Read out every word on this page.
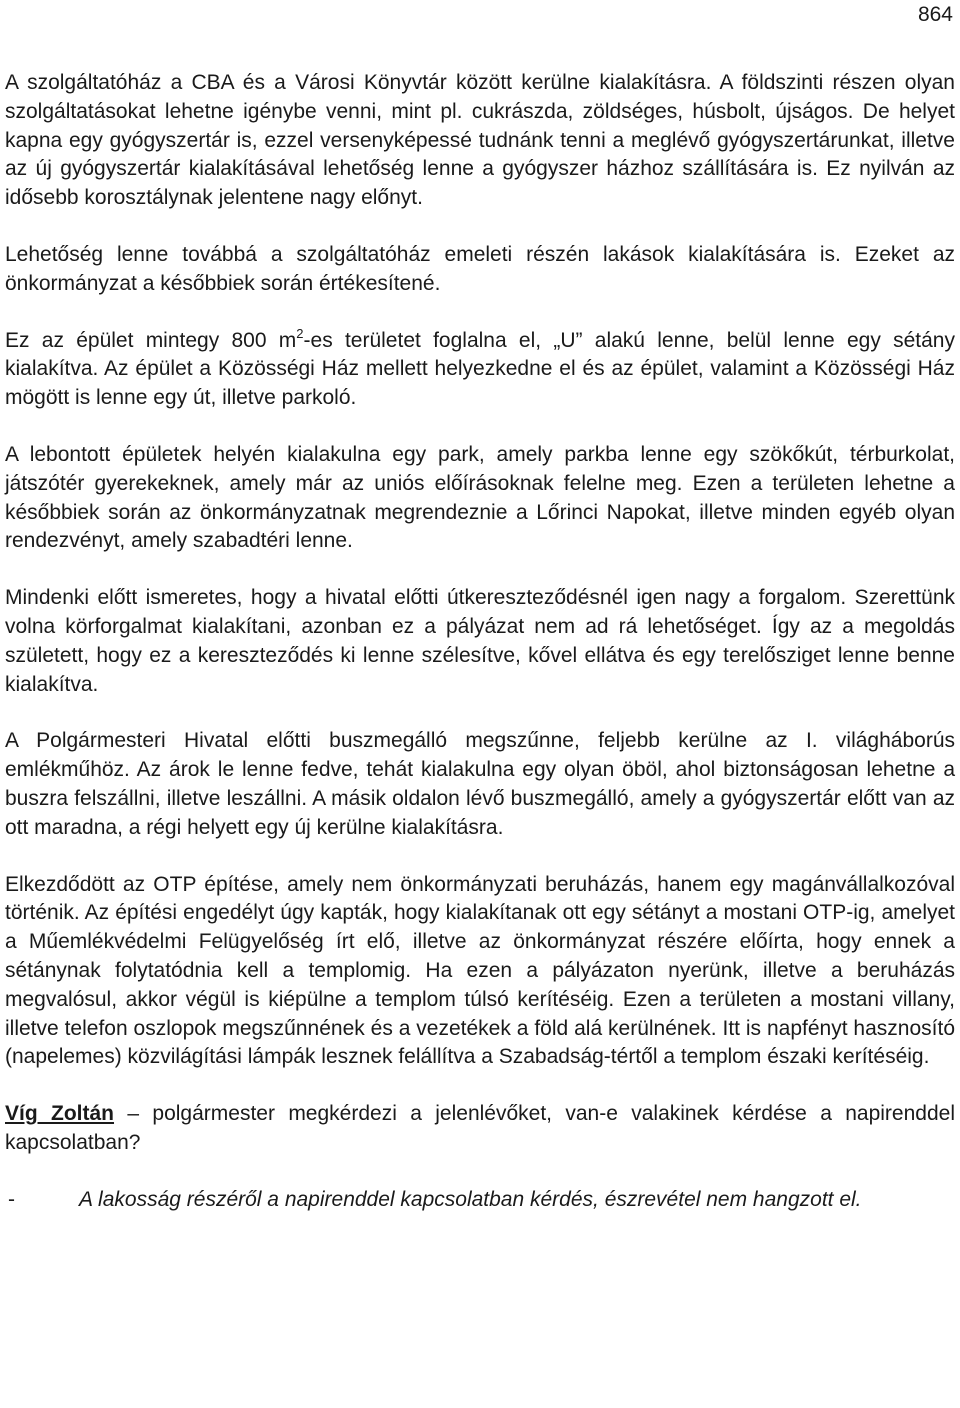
864

A szolgáltatóház a CBA és a Városi Könyvtár között kerülne kialakításra. A földszinti részen olyan szolgáltatásokat lehetne igénybe venni, mint pl. cukrászda, zöldséges, húsbolt, újságos. De helyet kapna egy gyógyszertár is, ezzel versenyképessé tudnánk tenni a meglévő gyógyszertárunkat, illetve az új gyógyszertár kialakításával lehetőség lenne a gyógyszer házhoz szállítására is. Ez nyilván az idősebb korosztálynak jelentene nagy előnyt.

Lehetőség lenne továbbá a szolgáltatóház emeleti részén lakások kialakítására is. Ezeket az önkormányzat a későbbiek során értékesítené.

Ez az épület mintegy 800 $m^2-es$ területet foglalna el, „U” alakú lenne, belül lenne egy sétány kialakítva. Az épület a Közösségi Ház mellett helyezkedne el és az épület, valamint a Közösségi Ház mögött is lenne egy út, illetve parkoló.

A lebontott épületek helyén kialakulna egy park, amely parkba lenne egy szökőkút, térburkolat, játszótér gyerekeknek, amely már az uniós előírásoknak felelne meg. Ezen a területen lehetne a későbbiek során az önkormányzatnak megrendeznie a Lőrinci Napokat, illetve minden egyéb olyan rendezvényt, amely szabadtéri lenne.

Mindenki előtt ismeretes, hogy a hivatal előtti útkereszteződésnél igen nagy a forgalom. Szerettünk volna körforgalmat kialakítani, azonban ez a pályázat nem ad rá lehetőséget. Így az a megoldás született, hogy ez a kereszteződés ki lenne szélesítve, kővel ellátva és egy terelősziget lenne benne kialakítva.

A Polgármesteri Hivatal előtti buszmegálló megszűnne, feljebb kerülne az I. világháborús emlékműhöz. Az árok le lenne fedve, tehát kialakulna egy olyan öböl, ahol biztonságosan lehetne a buszra felszállni, illetve leszállni. A másik oldalon lévő buszmegálló, amely a gyógyszertár előtt van az ott maradna, a régi helyett egy új kerülne kialakításra.

Elkezdődött az OTP építése, amely nem önkormányzati beruházás, hanem egy magánvállalkozóval történik. Az építési engedélyt úgy kapták, hogy kialakítanak ott egy sétányt a mostani OTP-ig, amelyet a Műemlékvédelmi Felügyelőség írt elő, illetve az önkormányzat részére előírta, hogy ennek a sétánynak folytatódnia kell a templomig. Ha ezen a pályázaton nyerünk, illetve a beruházás megvalósul, akkor végül is kiépülne a templom túlsó kerítéséig. Ezen a területen a mostani villany, illetve telefon oszlopok megszűnnének és a vezetékek a föld alá kerülnének. Itt is napfényt hasznosító (napelemes) közvilágítási lámpák lesznek felállítva a Szabadság-tértől a templom északi kerítéséig.

Víg Zoltán – polgármester megkérdezi a jelenlévőket, van-e valakinek kérdése a napirenddel kapcsolatban?

-	A lakosság részéről a napirenddel kapcsolatban kérdés, észrevétel nem hangzott el.
